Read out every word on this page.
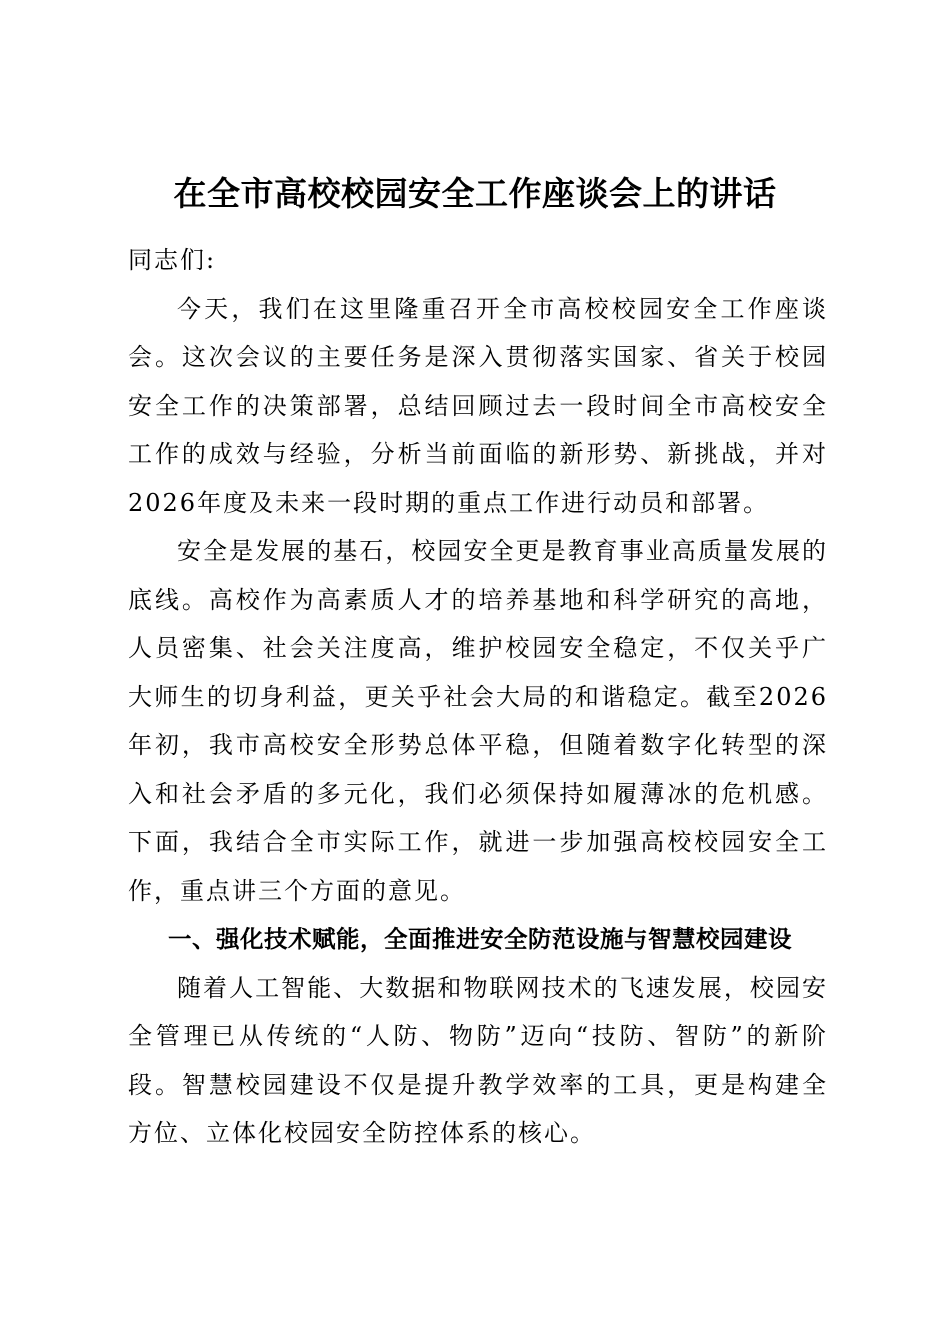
在全市高校校园安全工作座谈会上的讲话

同志们:

今天，我们在这里隆重召开全市高校校园安全工作座谈会。这次会议的主要任务是深入贯彻落实国家、省关于校园安全工作的决策部署，总结回顾过去一段时间全市高校安全工作的成效与经验，分析当前面临的新形势、新挑战，并对2026年度及未来一段时期的重点工作进行动员和部署。

安全是发展的基石，校园安全更是教育事业高质量发展的底线。高校作为高素质人才的培养基地和科学研究的高地，人员密集、社会关注度高，维护校园安全稳定，不仅关乎广大师生的切身利益，更关乎社会大局的和谐稳定。截至2026年初，我市高校安全形势总体平稳，但随着数字化转型的深入和社会矛盾的多元化，我们必须保持如履薄冰的危机感。下面，我结合全市实际工作，就进一步加强高校校园安全工作，重点讲三个方面的意见。

一、强化技术赋能，全面推进安全防范设施与智慧校园建设

随着人工智能、大数据和物联网技术的飞速发展，校园安全管理已从传统的“人防、物防”迈向“技防、智防”的新阶段。智慧校园建设不仅是提升教学效率的工具，更是构建全方位、立体化校园安全防控体系的核心。
